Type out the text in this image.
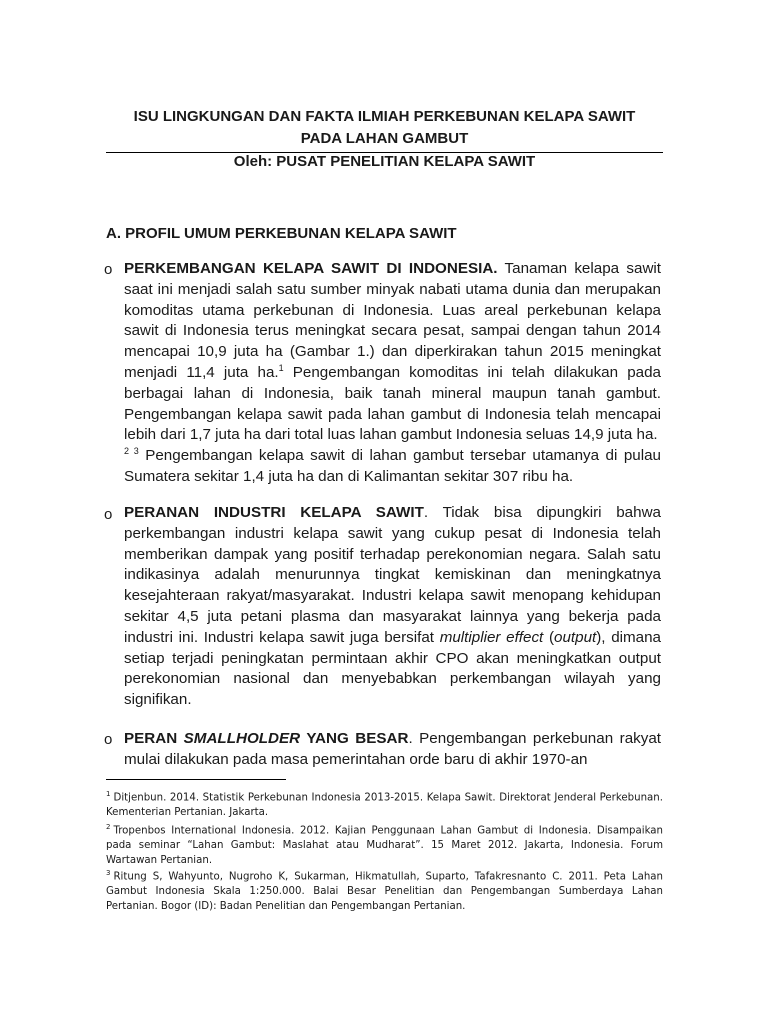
ISU LINGKUNGAN DAN FAKTA ILMIAH PERKEBUNAN KELAPA SAWIT
PADA LAHAN GAMBUT
Oleh: PUSAT PENELITIAN KELAPA SAWIT
A. PROFIL UMUM PERKEBUNAN KELAPA SAWIT
o PERKEMBANGAN KELAPA SAWIT DI INDONESIA. Tanaman kelapa sawit saat ini menjadi salah satu sumber minyak nabati utama dunia dan merupakan komoditas utama perkebunan di Indonesia. Luas areal perkebunan kelapa sawit di Indonesia terus meningkat secara pesat, sampai dengan tahun 2014 mencapai 10,9 juta ha (Gambar 1.) dan diperkirakan tahun 2015 meningkat menjadi 11,4 juta ha.$^1$ Pengembangan komoditas ini telah dilakukan pada berbagai lahan di Indonesia, baik tanah mineral maupun tanah gambut. Pengembangan kelapa sawit pada lahan gambut di Indonesia telah mencapai lebih dari 1,7 juta ha dari total luas lahan gambut Indonesia seluas 14,9 juta ha.
$^{2 3}$ Pengembangan kelapa sawit di lahan gambut tersebar utamanya di pulau Sumatera sekitar 1,4 juta ha dan di Kalimantan sekitar 307 ribu ha.

o PERANAN INDUSTRI KELAPA SAWIT. Tidak bisa dipungkiri bahwa perkembangan industri kelapa sawit yang cukup pesat di Indonesia telah memberikan dampak yang positif terhadap perekonomian negara. Salah satu indikasinya adalah menurunnya tingkat kemiskinan dan meningkatnya kesejahteraan rakyat/masyarakat. Industri kelapa sawit menopang kehidupan sekitar 4,5 juta petani plasma dan masyarakat lainnya yang bekerja pada industri ini. Industri kelapa sawit juga bersifat multiplier effect (output), dimana setiap terjadi peningkatan permintaan akhir CPO akan meningkatkan output perekonomian nasional dan menyebabkan perkembangan wilayah yang signifikan.

o PERAN SMALLHOLDER YANG BESAR. Pengembangan perkebunan rakyat mulai dilakukan pada masa pemerintahan orde baru di akhir 1970-an

$^1$ Ditjenbun. 2014. Statistik Perkebunan Indonesia 2013-2015. Kelapa Sawit. Direktorat Jenderal Perkebunan. Kementerian Pertanian. Jakarta.

$^2$ Tropenbos International Indonesia. 2012. Kajian Penggunaan Lahan Gambut di Indonesia. Disampaikan pada seminar “Lahan Gambut: Maslahat atau Mudharat”. 15 Maret 2012. Jakarta, Indonesia. Forum Wartawan Pertanian.

$^3$ Ritung S, Wahyunto, Nugroho K, Sukarman, Hikmatullah, Suparto, Tafakresnanto C. 2011. Peta Lahan Gambut Indonesia Skala 1:250.000. Balai Besar Penelitian dan Pengembangan Sumberdaya Lahan Pertanian. Bogor (ID): Badan Penelitian dan Pengembangan Pertanian.
